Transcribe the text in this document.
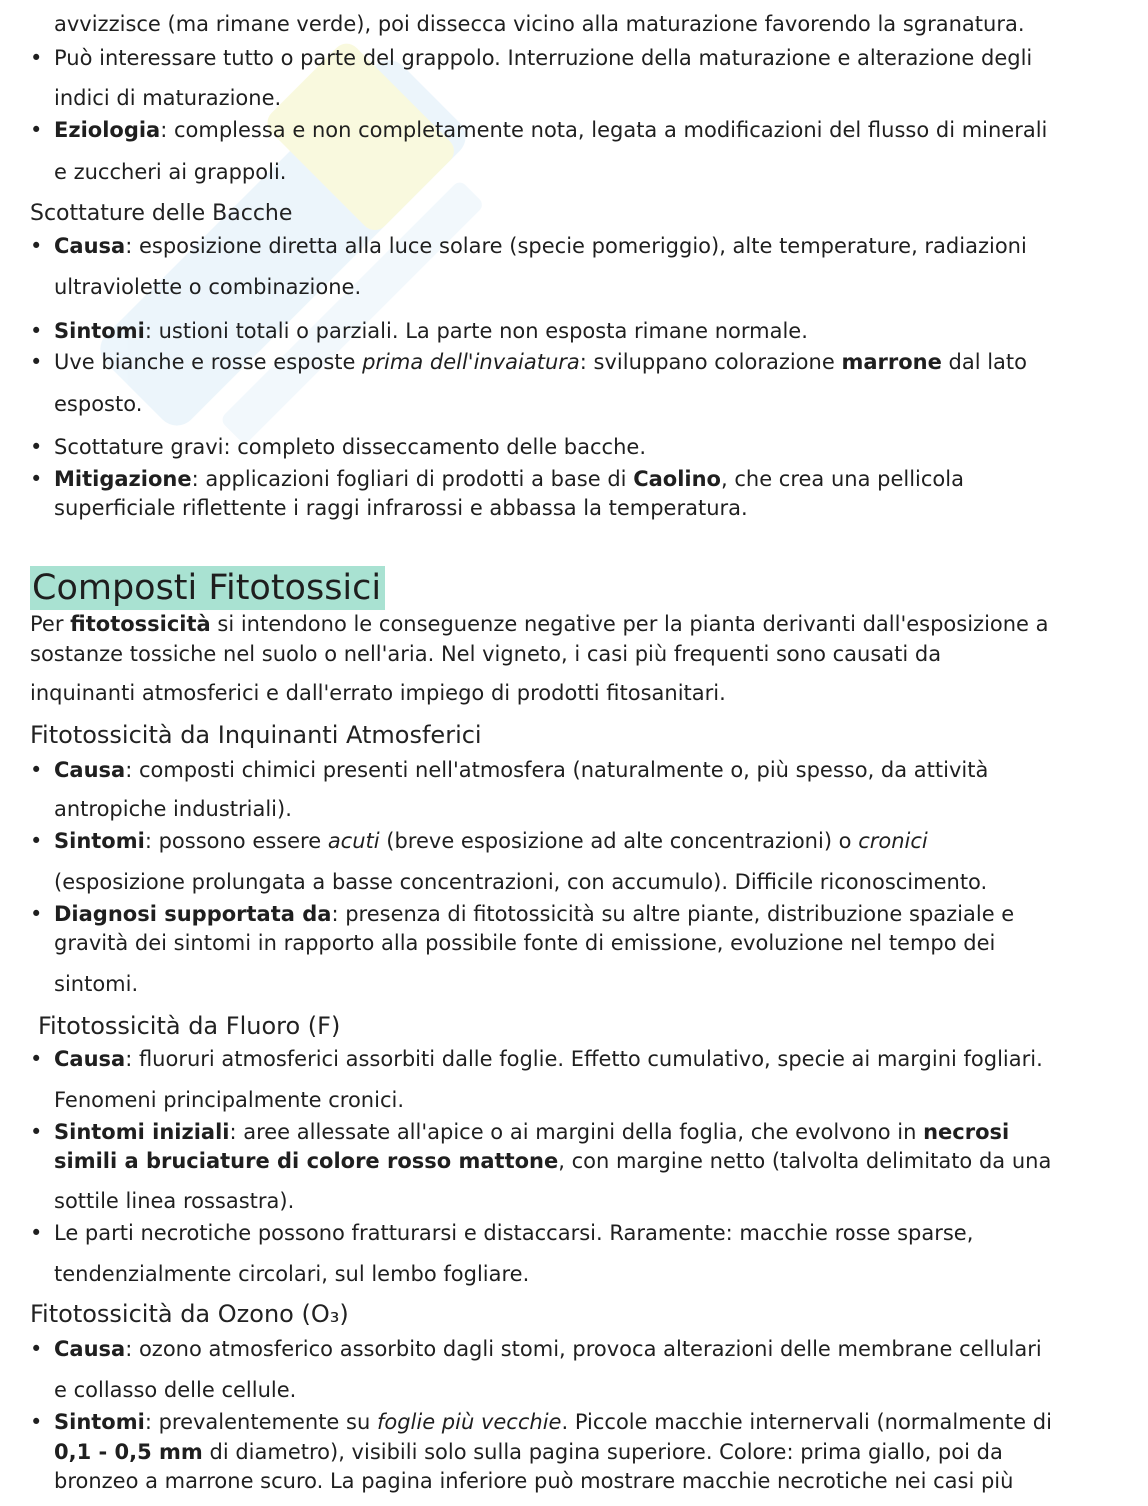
avvizzisce (ma rimane verde), poi dissecca vicino alla maturazione favorendo la sgranatura.
• Può interessare tutto o parte del grappolo. Interruzione della maturazione e alterazione degli
indici di maturazione.
• Eziologia: complessa e non completamente nota, legata a modificazioni del flusso di minerali
e zuccheri ai grappoli.
Scottature delle Bacche
• Causa: esposizione diretta alla luce solare (specie pomeriggio), alte temperature, radiazioni
ultraviolette o combinazione.
• Sintomi: ustioni totali o parziali. La parte non esposta rimane normale.
• Uve bianche e rosse esposte prima dell'invaiatura: sviluppano colorazione marrone dal lato
esposto.
• Scottature gravi: completo disseccamento delle bacche.
• Mitigazione: applicazioni fogliari di prodotti a base di Caolino, che crea una pellicola
superficiale riflettente i raggi infrarossi e abbassa la temperatura.
Composti Fitotossici
Per fitotossicità si intendono le conseguenze negative per la pianta derivanti dall'esposizione a
sostanze tossiche nel suolo o nell'aria. Nel vigneto, i casi più frequenti sono causati da
inquinanti atmosferici e dall'errato impiego di prodotti fitosanitari.
Fitotossicità da Inquinanti Atmosferici
• Causa: composti chimici presenti nell'atmosfera (naturalmente o, più spesso, da attività
antropiche industriali).
• Sintomi: possono essere acuti (breve esposizione ad alte concentrazioni) o cronici
(esposizione prolungata a basse concentrazioni, con accumulo). Difficile riconoscimento.
• Diagnosi supportata da: presenza di fitotossicità su altre piante, distribuzione spaziale e
gravità dei sintomi in rapporto alla possibile fonte di emissione, evoluzione nel tempo dei
sintomi.
Fitotossicità da Fluoro (F)
• Causa: fluoruri atmosferici assorbiti dalle foglie. Effetto cumulativo, specie ai margini fogliari.
Fenomeni principalmente cronici.
• Sintomi iniziali: aree allessate all'apice o ai margini della foglia, che evolvono in necrosi
simili a bruciature di colore rosso mattone, con margine netto (talvolta delimitato da una
sottile linea rossastra).
• Le parti necrotiche possono fratturarsi e distaccarsi. Raramente: macchie rosse sparse,
tendenzialmente circolari, sul lembo fogliare.
Fitotossicità da Ozono (O₃)
• Causa: ozono atmosferico assorbito dagli stomi, provoca alterazioni delle membrane cellulari
e collasso delle cellule.
• Sintomi: prevalentemente su foglie più vecchie. Piccole macchie internervali (normalmente di
0,1 - 0,5 mm di diametro), visibili solo sulla pagina superiore. Colore: prima giallo, poi da
bronzeo a marrone scuro. La pagina inferiore può mostrare macchie necrotiche nei casi più
